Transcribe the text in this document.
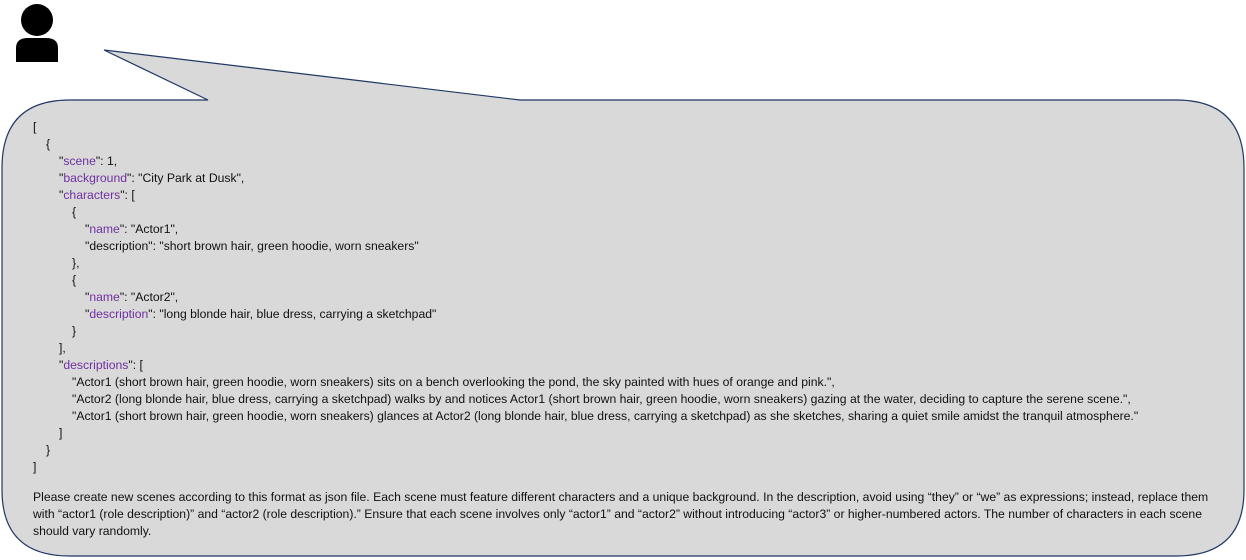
[
{
"scene": 1,
"background": "City Park at Dusk",
"characters": [
{
"name": "Actor1",
"description": "short brown hair, green hoodie, worn sneakers"
},
{
"name": "Actor2",
"description": "long blonde hair, blue dress, carrying a sketchpad"
}
],
"descriptions": [
"Actor1 (short brown hair, green hoodie, worn sneakers) sits on a bench overlooking the pond, the sky painted with hues of orange and pink.",
"Actor2 (long blonde hair, blue dress, carrying a sketchpad) walks by and notices Actor1 (short brown hair, green hoodie, worn sneakers) gazing at the water, deciding to capture the serene scene.",
"Actor1 (short brown hair, green hoodie, worn sneakers) glances at Actor2 (long blonde hair, blue dress, carrying a sketchpad) as she sketches, sharing a quiet smile amidst the tranquil atmosphere."
]
}
]
Please create new scenes according to this format as json file. Each scene must feature different characters and a unique background. In the description, avoid using “they” or “we” as expressions; instead, replace them with “actor1 (role description)” and “actor2 (role description).” Ensure that each scene involves only “actor1” and “actor2” without introducing “actor3” or higher-numbered actors. The number of characters in each scene should vary randomly.
